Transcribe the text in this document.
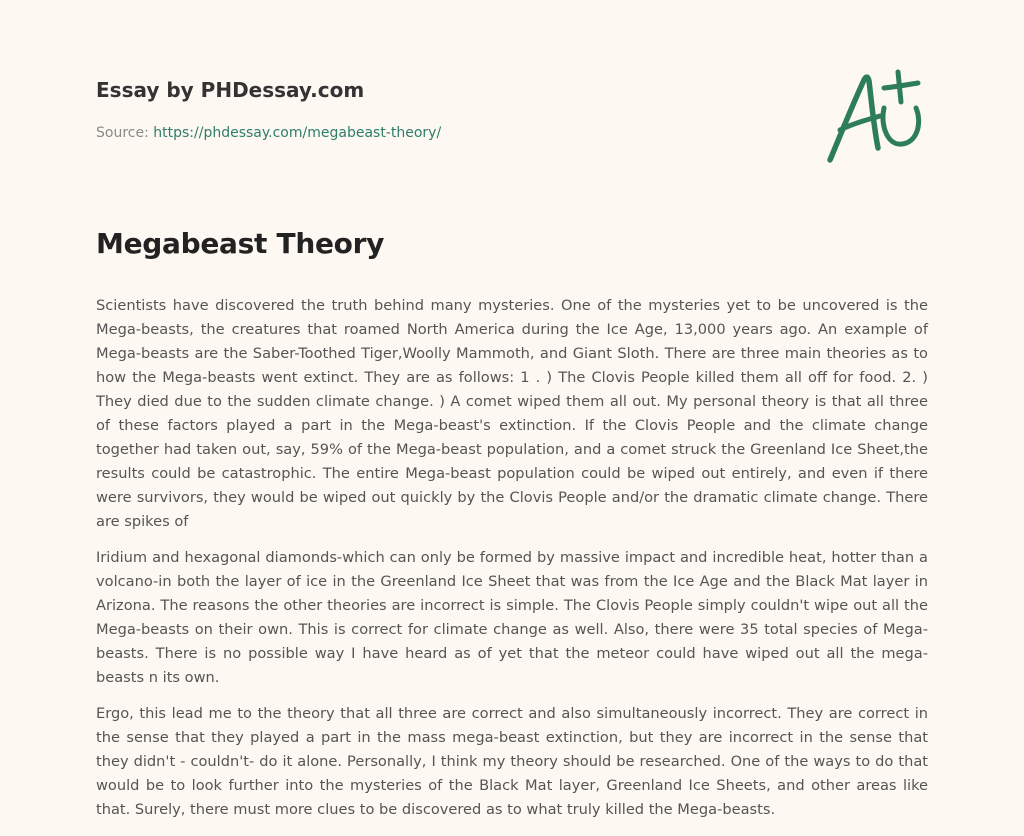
Essay by PHDessay.com
Source: https://phdessay.com/megabeast-theory/
Megabeast Theory

Scientists have discovered the truth behind many mysteries. One of the mysteries yet to be uncovered is the Mega-beasts, the creatures that roamed North America during the Ice Age, 13,000 years ago. An example of Mega-beasts are the Saber-Toothed Tiger,Woolly Mammoth, and Giant Sloth. There are three main theories as to how the Mega-beasts went extinct. They are as follows: 1 . ) The Clovis People killed them all off for food. 2. ) They died due to the sudden climate change. ) A comet wiped them all out. My personal theory is that all three of these factors played a part in the Mega-beast's extinction. If the Clovis People and the climate change together had taken out, say, 59% of the Mega-beast population, and a comet struck the Greenland Ice Sheet,the results could be catastrophic. The entire Mega-beast population could be wiped out entirely, and even if there were survivors, they would be wiped out quickly by the Clovis People and/or the dramatic climate change. There are spikes of

Iridium and hexagonal diamonds-which can only be formed by massive impact and incredible heat, hotter than a volcano-in both the layer of ice in the Greenland Ice Sheet that was from the Ice Age and the Black Mat layer in Arizona. The reasons the other theories are incorrect is simple. The Clovis People simply couldn't wipe out all the Mega-beasts on their own. This is correct for climate change as well. Also, there were 35 total species of Mega-beasts. There is no possible way I have heard as of yet that the meteor could have wiped out all the mega-beasts n its own.

Ergo, this lead me to the theory that all three are correct and also simultaneously incorrect. They are correct in the sense that they played a part in the mass mega-beast extinction, but they are incorrect in the sense that they didn't - couldn't- do it alone. Personally, I think my theory should be researched. One of the ways to do that would be to look further into the mysteries of the Black Mat layer, Greenland Ice Sheets, and other areas like that. Surely, there must more clues to be discovered as to what truly killed the Mega-beasts.
